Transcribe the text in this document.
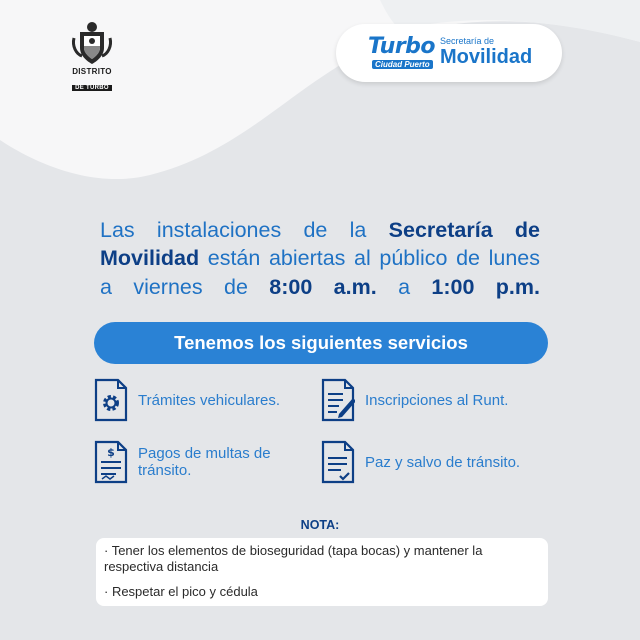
DISTRITO
DE TURBO
Turbo
Ciudad Puerto
Secretaría de
Movilidad

Las instalaciones de la Secretaría de Movilidad están abiertas al público de lunes a viernes de 8:00 a.m. a 1:00 p.m.

Tenemos los siguientes servicios
Trámites vehiculares.	Inscripciones al Runt.
$ Pagos de multas de tránsito.	Paz y salvo de tránsito.
NOTA:
· Tener los elementos de bioseguridad (tapa bocas) y mantener la respectiva distancia
· Respetar el pico y cédula
